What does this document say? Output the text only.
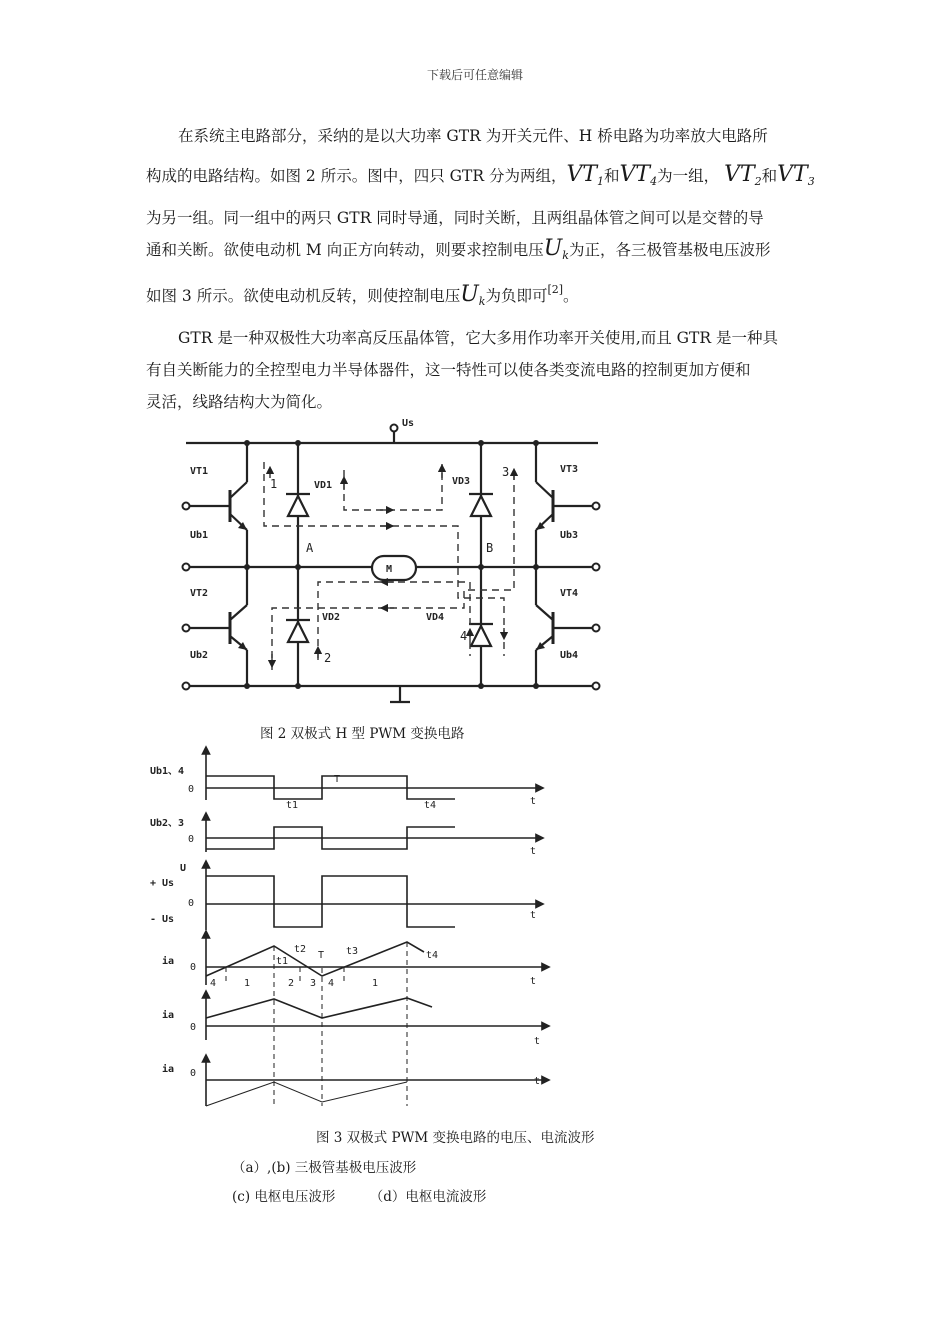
下载后可任意编辑
在系统主电路部分，采纳的是以大功率 GTR 为开关元件、H 桥电路为功率放大电路所
构成的电路结构。如图 2 所示。图中，四只 GTR 分为两组，$VT_1$和$VT_4$为一组， $VT_2$和$VT_3$
为另一组。同一组中的两只 GTR 同时导通，同时关断，且两组晶体管之间可以是交替的导
通和关断。欲使电动机 M 向正方向转动，则要求控制电压$U_k$为正，各三极管基极电压波形
如图 3 所示。欲使电动机反转，则使控制电压$U_k$为负即可[2]。
GTR 是一种双极性大功率高反压晶体管，它大多用作功率开关使用,而且 GTR 是一种具
有自关断能力的全控型电力半导体器件，这一特性可以使各类变流电路的控制更加方便和
灵活，线路结构大为简化。
Us
VT1
Ub1
VT2
Ub2
VT3
Ub3
VT4
Ub4
VD1
VD2
VD3
VD4
M
A	B
1
2
3
4
图 2 双极式 H 型 PWM 变换电路
Ub1、4
Ub2、3
U
+ Us
- Us
ia
ia
ia
0
0
0
0
0
0
t
t
t
t
t
t
t1
T
t4
t1
t2
T t3	t4
4	1	2 3 4	1
图 3 双极式 PWM 变换电路的电压、电流波形
（a）,(b) 三极管基极电压波形
(c) 电枢电压波形        （d）电枢电流波形
